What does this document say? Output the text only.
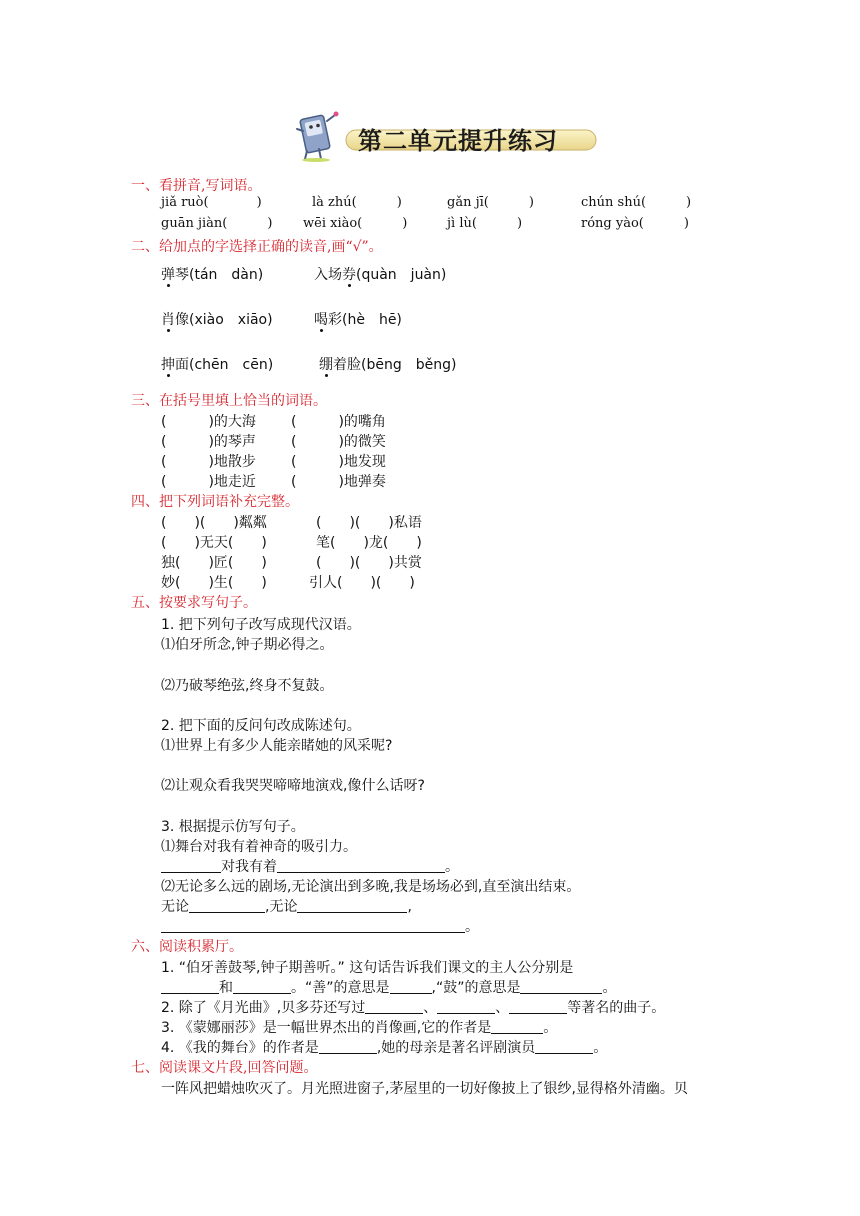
第二单元提升练习
一、看拼音,写词语。
jiǎ ruò(	)	là zhú(	)	gǎn jī(	)	chún shú(	)
guān jiàn(	) wēi xiào(	)	jì lù(	)	róng yào(	)
二、给加点的字选择正确的读音,画“√”。
弹琴(tán　dàn)	入场券(quàn　juàn)
肖像(xiào　xiāo)	喝彩(hè　hē)
抻面(chēn　cēn)	绷着脸(bēng　běng)
三、在括号里填上恰当的词语。
(　　　)的大海	(　　　)的嘴角
(　　　)的琴声	(　　　)的微笑
(　　　)地散步	(　　　)地发现
(　　　)地走近	(　　　)地弹奏
四、把下列词语补充完整。
(　　)(　　)粼粼	(　　)(　　)私语
(　　)无天(　　)	笔(　　)龙(　　)
独(　　)匠(　　)	(　　)(　　)共赏
妙(　　)生(　　)	引人(　　)(　　)
五、按要求写句子。
1. 把下列句子改写成现代汉语。
⑴伯牙所念,钟子期必得之。
⑵乃破琴绝弦,终身不复鼓。
2. 把下面的反问句改成陈述句。
⑴世界上有多少人能亲睹她的风采呢?
⑵让观众看我哭哭啼啼地演戏,像什么话呀?
3. 根据提示仿写句子。
⑴舞台对我有着神奇的吸引力。
对我有着	。
⑵无论多么远的剧场,无论演出到多晚,我是场场必到,直至演出结束。
无论	,无论	,
。
六、阅读积累厅。
1. “伯牙善鼓琴,钟子期善听。” 这句话告诉我们课文的主人公分别是
和	。“善”的意思是	,“鼓”的意思是	。
2. 除了《月光曲》,贝多芬还写过	、	、	等著名的曲子。
3. 《蒙娜丽莎》是一幅世界杰出的肖像画,它的作者是	。
4. 《我的舞台》的作者是	,她的母亲是著名评剧演员	。
七、阅读课文片段,回答问题。
一阵风把蜡烛吹灭了。月光照进窗子,茅屋里的一切好像披上了银纱,显得格外清幽。贝
